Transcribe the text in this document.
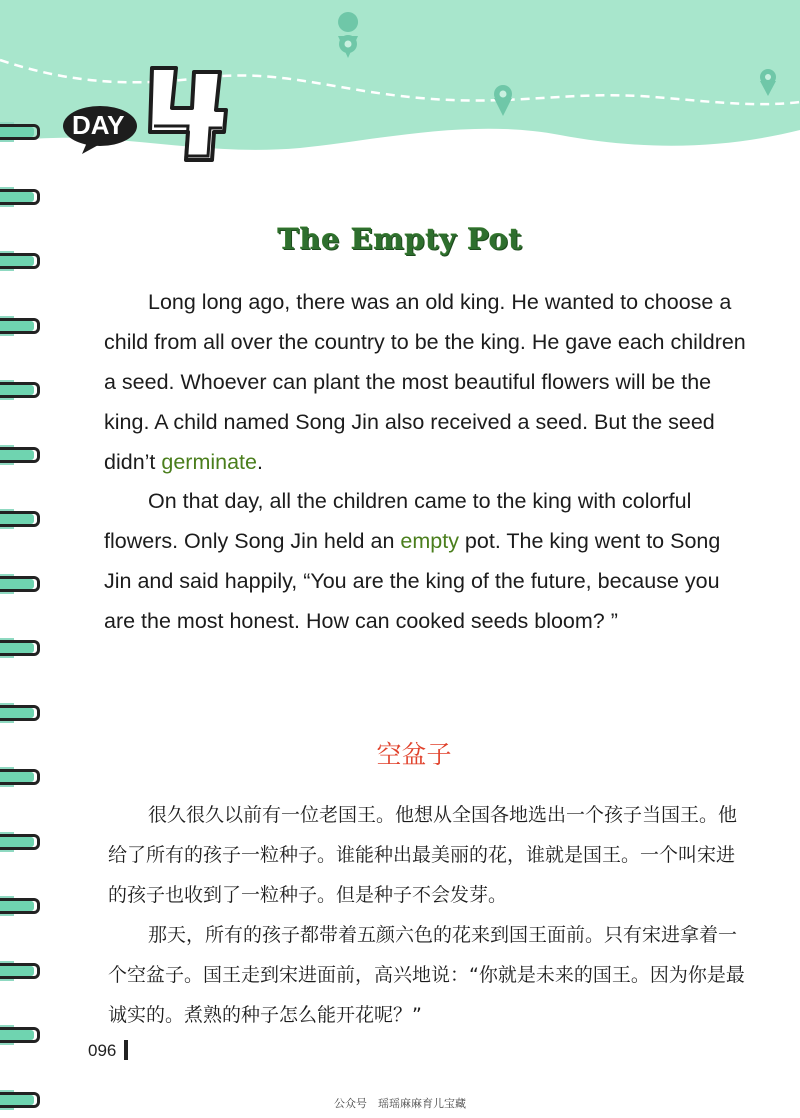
DAY
4
The Empty Pot

Long long ago, there was an old king. He wanted to choose a child from all over the country to be the king. He gave each children a seed. Whoever can plant the most beautiful flowers will be the king. A child named Song Jin also received a seed. But the seed didn’t germinate.

On that day, all the children came to the king with colorful flowers. Only Song Jin held an empty pot. The king went to Song Jin and said happily, “You are the king of the future, because you are the most honest. How can cooked seeds bloom? ”

空盆子

很久很久以前有一位老国王。他想从全国各地选出一个孩子当国王。他给了所有的孩子一粒种子。谁能种出最美丽的花，谁就是国王。一个叫宋进的孩子也收到了一粒种子。但是种子不会发芽。

那天，所有的孩子都带着五颜六色的花来到国王面前。只有宋进拿着一个空盆子。国王走到宋进面前，高兴地说：“你就是未来的国王。因为你是最诚实的。煮熟的种子怎么能开花呢？”

096
公众号　瑶瑶麻麻育儿宝藏
